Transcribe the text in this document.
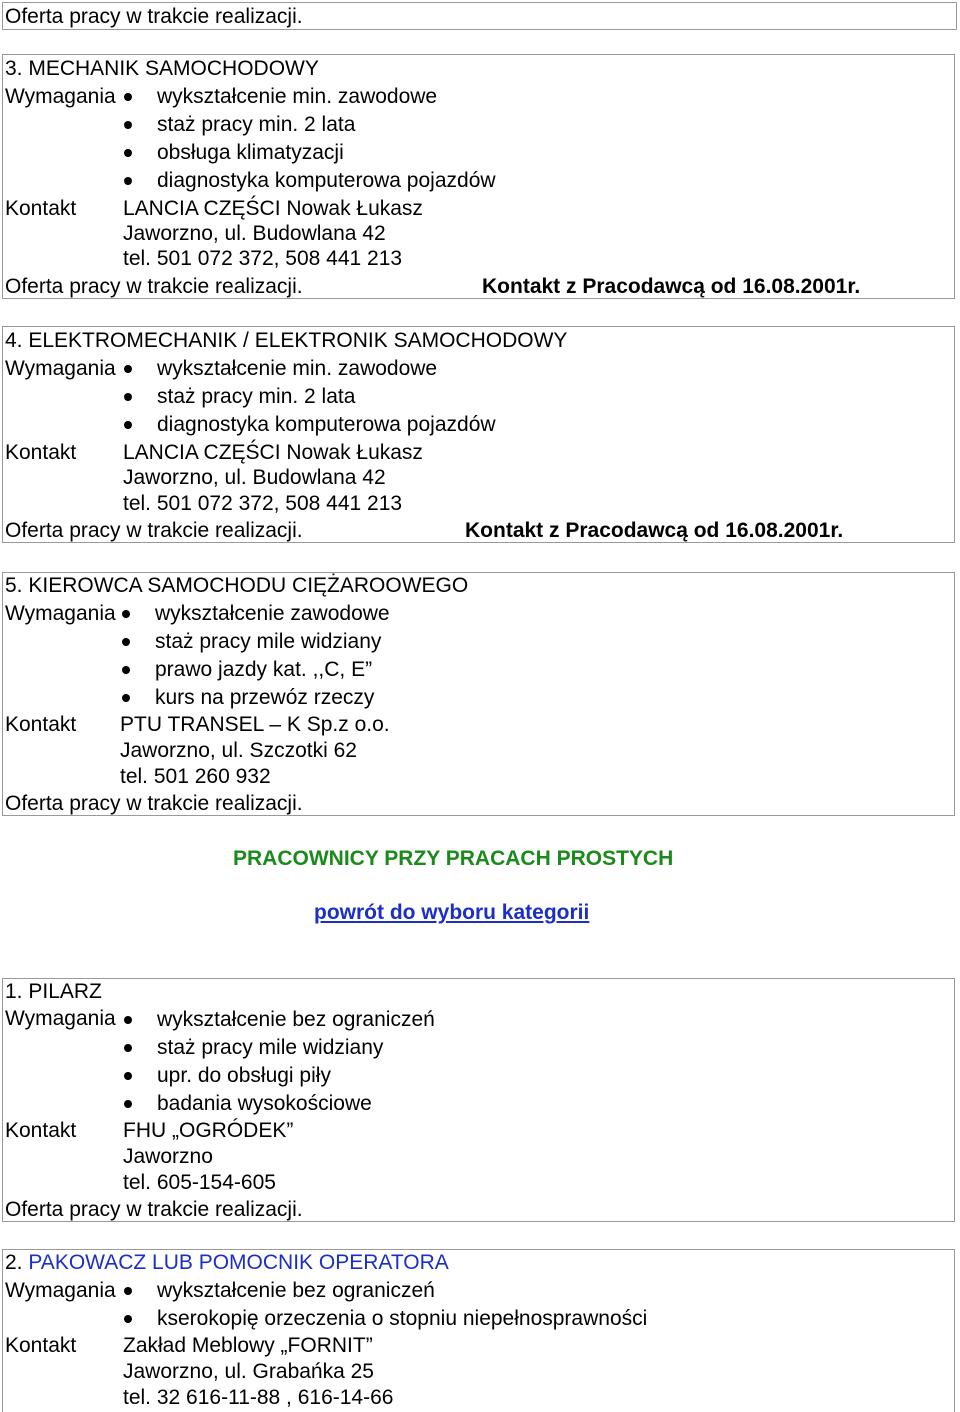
Oferta pracy w trakcie realizacji.
3. MECHANIK SAMOCHODOWY
Wymagania wykształcenie min. zawodowe
staż pracy min. 2 lata
obsługa klimatyzacji
diagnostyka komputerowa pojazdów
Kontakt LANCIA CZĘŚCI Nowak Łukasz
Jaworzno, ul. Budowlana 42
tel. 501 072 372, 508 441 213
Oferta pracy w trakcie realizacji.	Kontakt z Pracodawcą od 16.08.2001r.
4. ELEKTROMECHANIK / ELEKTRONIK SAMOCHODOWY
Wymagania wykształcenie min. zawodowe
staż pracy min. 2 lata
diagnostyka komputerowa pojazdów
Kontakt LANCIA CZĘŚCI Nowak Łukasz
Jaworzno, ul. Budowlana 42
tel. 501 072 372, 508 441 213
Oferta pracy w trakcie realizacji.	Kontakt z Pracodawcą od 16.08.2001r.
5. KIEROWCA SAMOCHODU CIĘŻAROOWEGO
Wymagania wykształcenie zawodowe
staż pracy mile widziany
prawo jazdy kat. ,,C, E”
kurs na przewóz rzeczy
Kontakt PTU TRANSEL – K Sp.z o.o.
Jaworzno, ul. Szczotki 62
tel. 501 260 932
Oferta pracy w trakcie realizacji.
PRACOWNICY PRZY PRACACH PROSTYCH
powrót do wyboru kategorii
1. PILARZ
Wymagania wykształcenie bez ograniczeń
staż pracy mile widziany
upr. do obsługi piły
badania wysokościowe
Kontakt FHU „OGRÓDEK”
Jaworzno
tel. 605-154-605
Oferta pracy w trakcie realizacji.
2. PAKOWACZ LUB POMOCNIK OPERATORA
Wymagania wykształcenie bez ograniczeń
kserokopię orzeczenia o stopniu niepełnosprawności
Kontakt Zakład Meblowy „FORNIT”
Jaworzno, ul. Grabańka 25
tel. 32 616-11-88 , 616-14-66
